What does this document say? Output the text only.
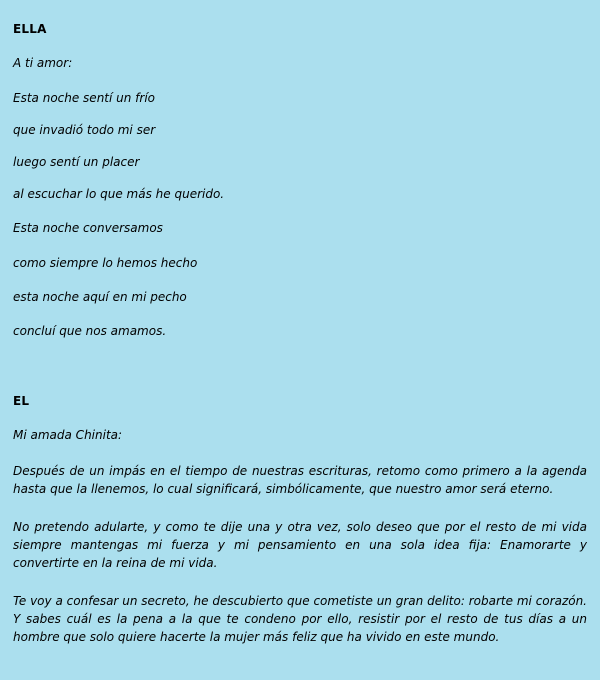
ELLA
A ti amor:
Esta noche sentí un frío
que invadió todo mi ser
luego sentí un placer
al escuchar lo que más he querido.
Esta noche conversamos
como siempre lo hemos hecho
esta noche aquí en mi pecho
concluí que nos amamos.
EL
Mi amada Chinita:
Después de un impás en el tiempo de nuestras escrituras, retomo como primero a la agenda hasta que la llenemos, lo cual significará, simbólicamente, que nuestro amor será eterno.
No pretendo adularte, y como te dije una y otra vez, solo deseo que por el resto de mi vida siempre mantengas mi fuerza y mi pensamiento en una sola idea fija: Enamorarte y convertirte en la reina de mi vida.
Te voy a confesar un secreto, he descubierto que cometiste un gran delito: robarte mi corazón. Y sabes cuál es la pena a la que te condeno por ello, resistir por el resto de tus días a un hombre que solo quiere hacerte la mujer más feliz que ha vivido en este mundo.
